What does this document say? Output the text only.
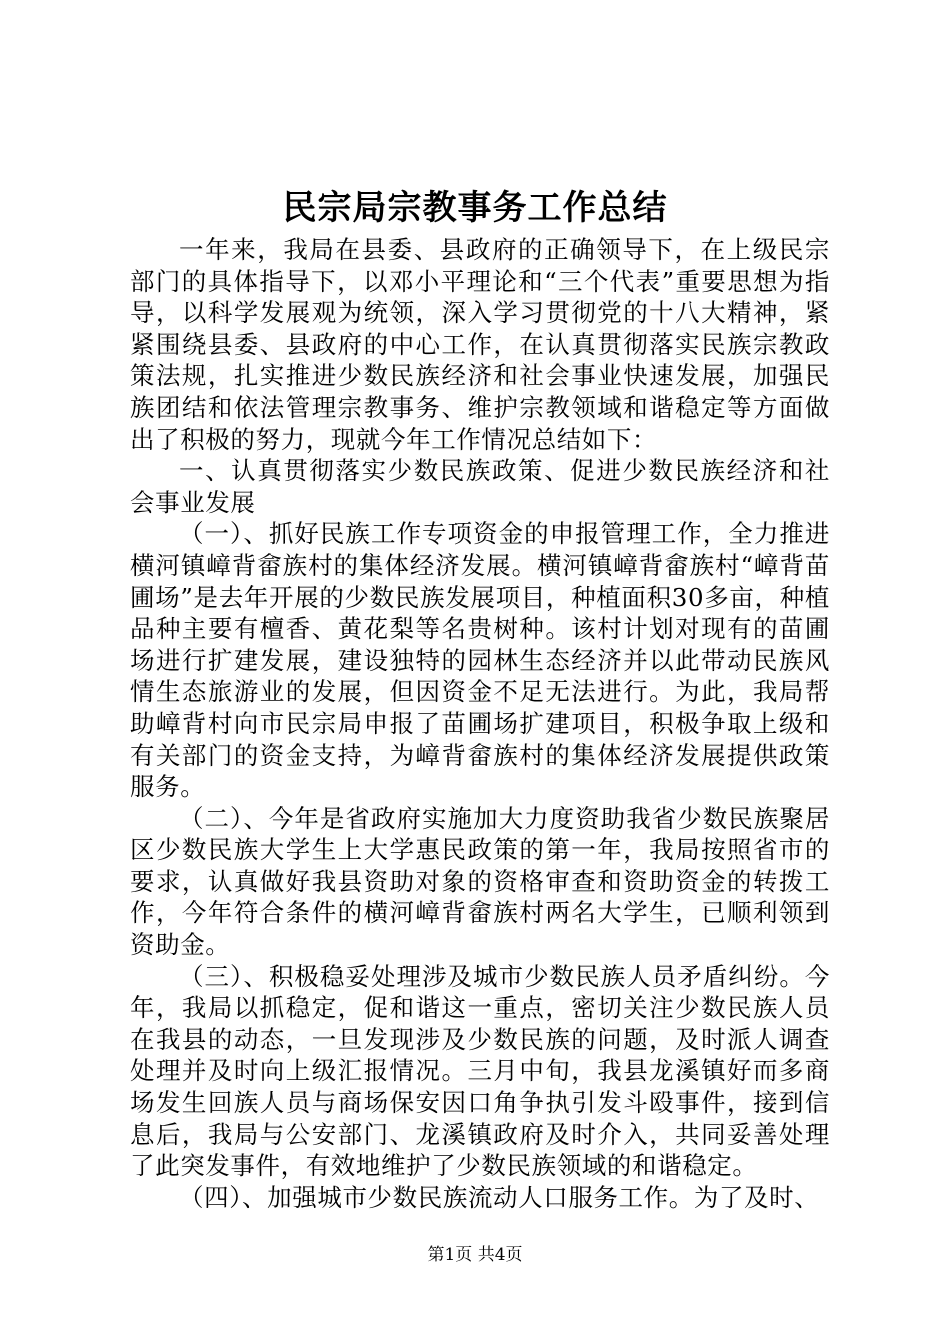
民宗局宗教事务工作总结

一年来，我局在县委、县政府的正确领导下，在上级民宗部门的具体指导下，以邓小平理论和“三个代表”重要思想为指导，以科学发展观为统领，深入学习贯彻党的十八大精神，紧紧围绕县委、县政府的中心工作，在认真贯彻落实民族宗教政策法规，扎实推进少数民族经济和社会事业快速发展，加强民族团结和依法管理宗教事务、维护宗教领域和谐稳定等方面做出了积极的努力，现就今年工作情况总结如下：

一、认真贯彻落实少数民族政策、促进少数民族经济和社会事业发展

（一）、抓好民族工作专项资金的申报管理工作，全力推进横河镇嶂背畲族村的集体经济发展。横河镇嶂背畲族村“嶂背苗圃场”是去年开展的少数民族发展项目，种植面积30多亩，种植品种主要有檀香、黄花梨等名贵树种。该村计划对现有的苗圃场进行扩建发展，建设独特的园林生态经济并以此带动民族风情生态旅游业的发展，但因资金不足无法进行。为此，我局帮助嶂背村向市民宗局申报了苗圃场扩建项目，积极争取上级和有关部门的资金支持，为嶂背畲族村的集体经济发展提供政策服务。

（二）、今年是省政府实施加大力度资助我省少数民族聚居区少数民族大学生上大学惠民政策的第一年，我局按照省市的要求，认真做好我县资助对象的资格审查和资助资金的转拨工作，今年符合条件的横河嶂背畲族村两名大学生，已顺利领到资助金。

（三）、积极稳妥处理涉及城市少数民族人员矛盾纠纷。今年，我局以抓稳定，促和谐这一重点，密切关注少数民族人员在我县的动态，一旦发现涉及少数民族的问题，及时派人调查处理并及时向上级汇报情况。三月中旬，我县龙溪镇好而多商场发生回族人员与商场保安因口角争执引发斗殴事件，接到信息后，我局与公安部门、龙溪镇政府及时介入，共同妥善处理了此突发事件，有效地维护了少数民族领域的和谐稳定。

（四）、加强城市少数民族流动人口服务工作。为了及时、

第1页 共4页
